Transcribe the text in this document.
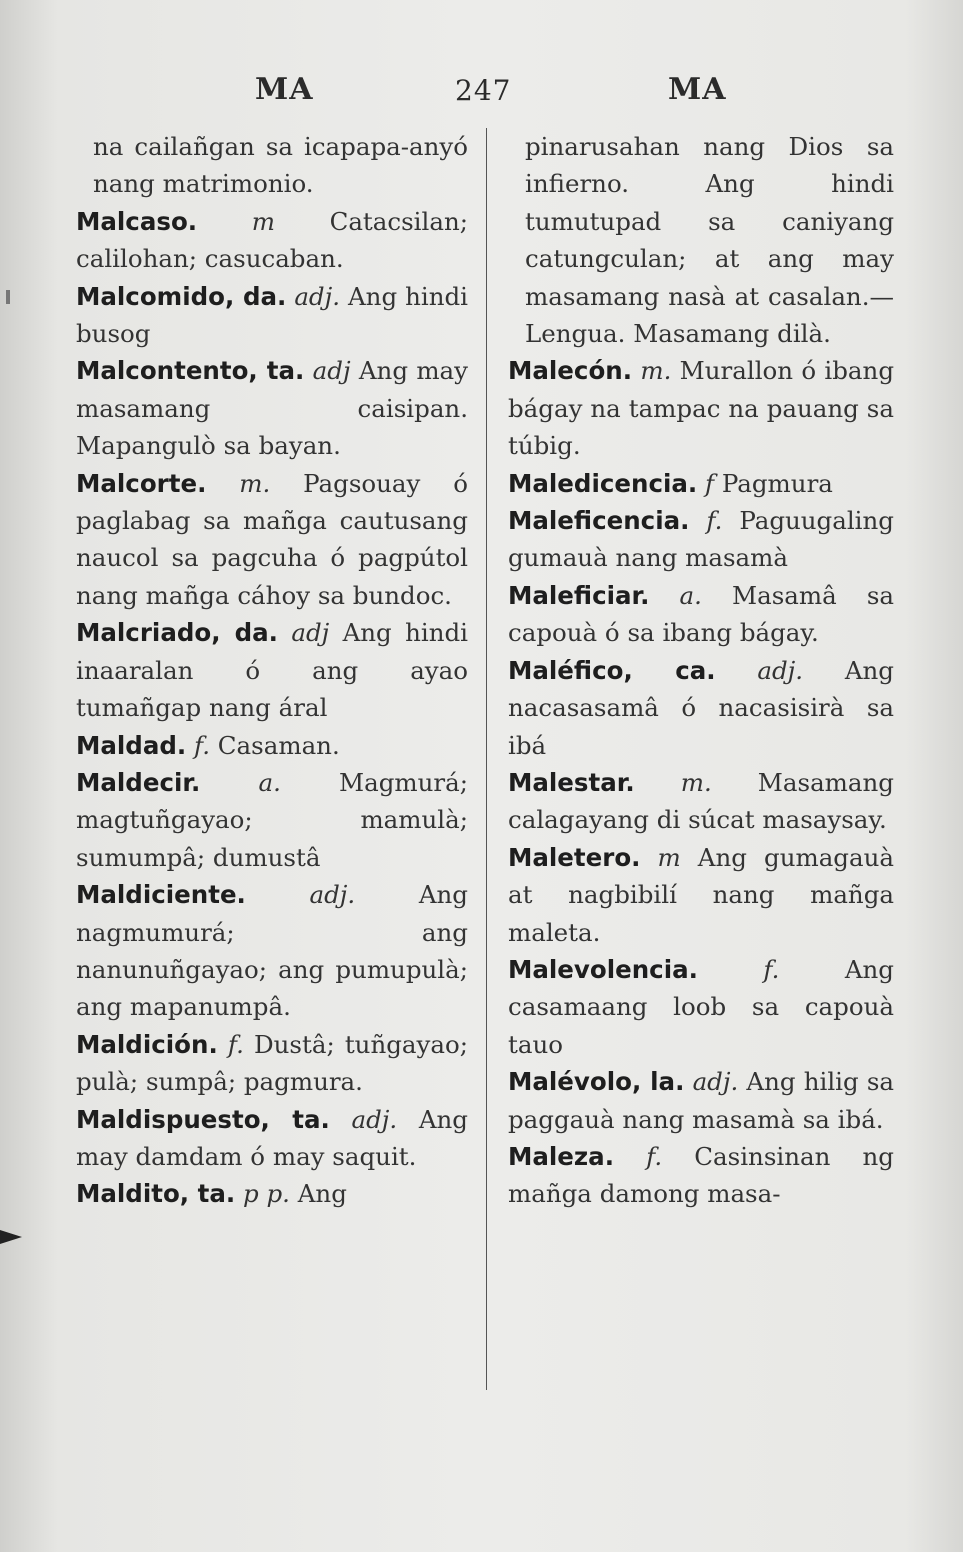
MA	247	MA

na cailañgan sa icapapa-anyó nang matrimonio.

Malcaso. m Catacsilan; calilohan; casucaban.

Malcomido, da. adj. Ang hindi busog

Malcontento, ta. adj Ang may masamang caisipan. Mapangulò sa bayan.

Malcorte. m. Pagsouay ó paglabag sa mañga cautusang naucol sa pagcuha ó pagpútol nang mañga cáhoy sa bundoc.

Malcriado, da. adj Ang hindi inaaralan ó ang ayao tumañgap nang áral

Maldad. f. Casaman.

Maldecir. a. Magmurá; magtuñgayao; mamulà; sumumpâ; dumustâ

Maldiciente.	adj. Ang nagmumurá; ang nanunuñgayao; ang pumupulà; ang mapanumpâ.

Maldición. f. Dustâ; tuñgayao; pulà; sumpâ; pagmura.

Maldispuesto, ta. adj. Ang may damdam ó may saquit.

Maldito, ta. p p. Ang

pinarusahan nang Dios sa infierno. Ang hindi tumutupad sa caniyang catungculan; at ang may masamang nasà at casalan.—Lengua. Masamang dilà.

Malecón. m. Murallon ó ibang bágay na tampac na pauang sa túbig.

Maledicencia. f Pagmura

Maleficencia. f. Paguugaling gumauà nang masamà

Maleficiar. a. Masamâ sa capouà ó sa ibang bágay.

Maléfico, ca. adj. Ang nacasasamâ ó nacasisirà sa ibá

Malestar. m. Masamang calagayang di súcat masaysay.

Maletero. m Ang gumagauà at nagbibilí nang mañga maleta.

Malevolencia.	f. Ang casamaang loob sa capouà tauo

Malévolo, la. adj. Ang hilig sa paggauà nang masamà sa ibá.

Maleza. f. Casinsinan ng mañga damong masa-
